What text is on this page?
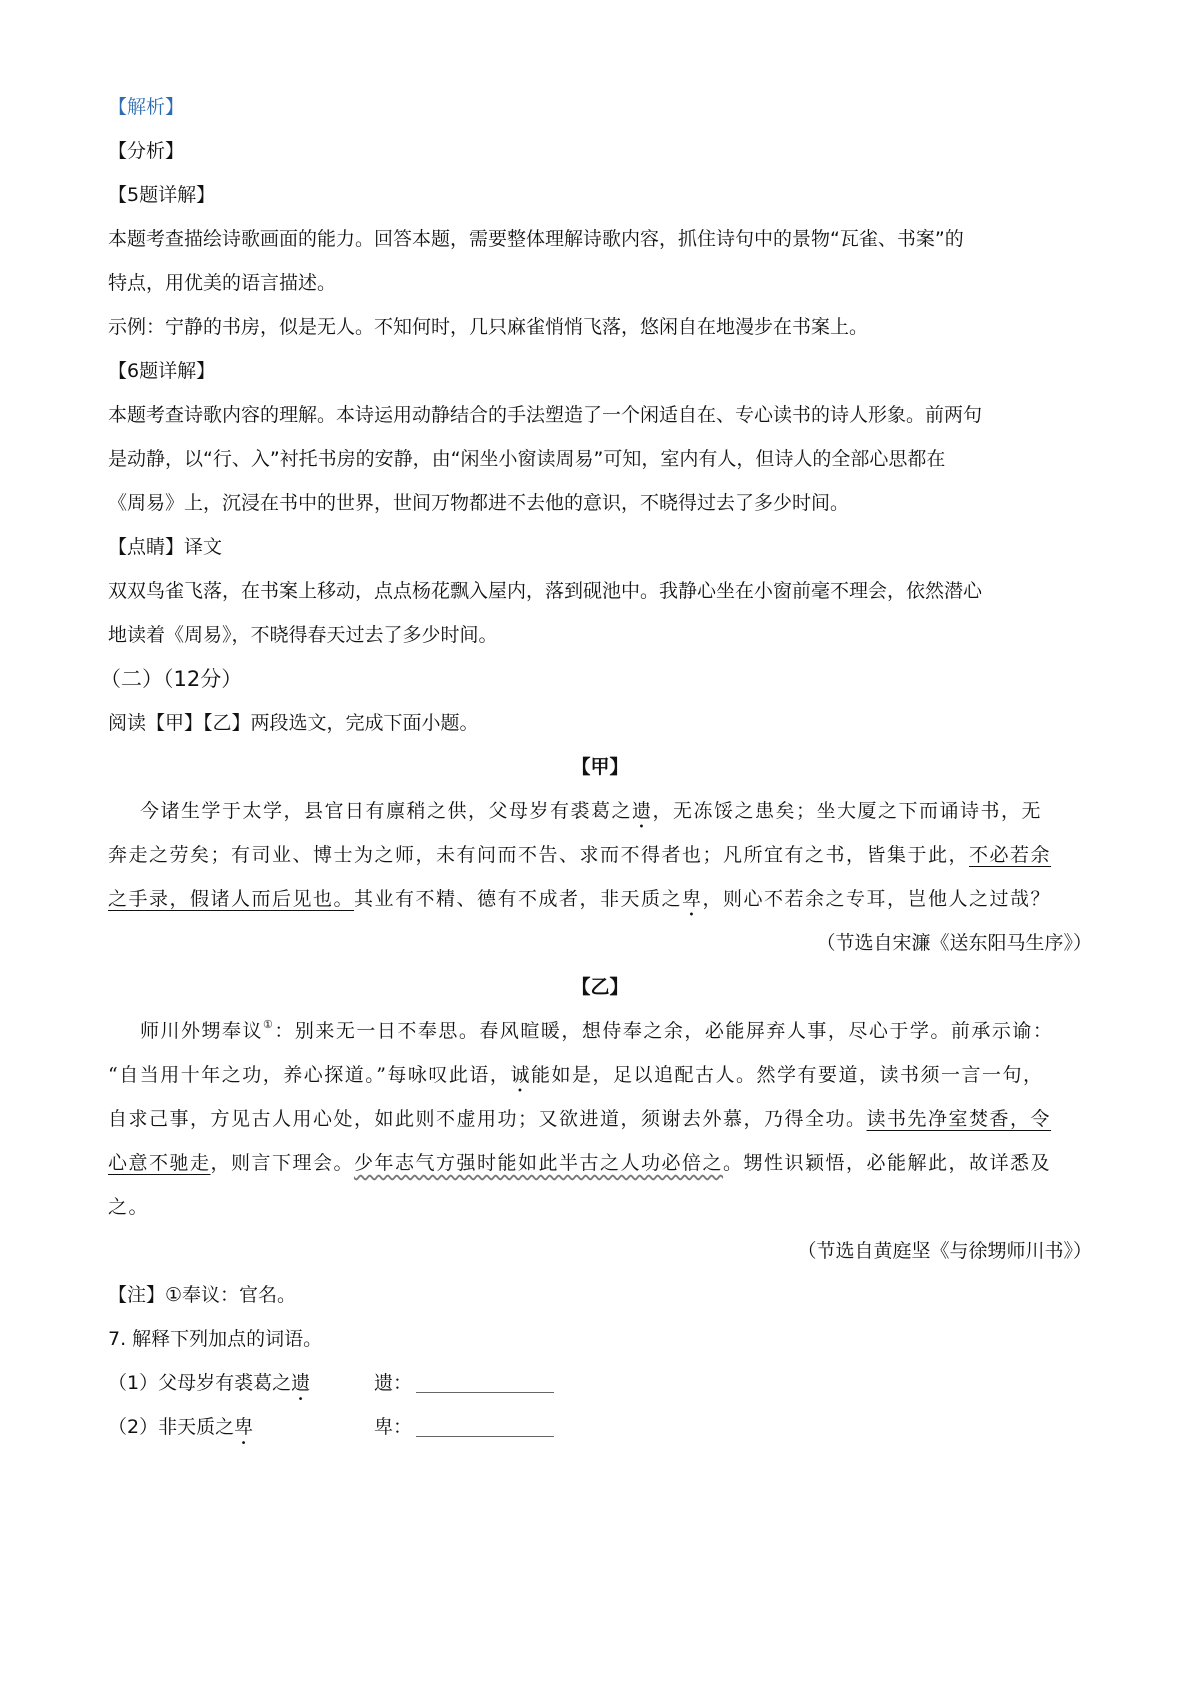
【解析】
【分析】
【5题详解】
本题考查描绘诗歌画面的能力。回答本题，需要整体理解诗歌内容，抓住诗句中的景物“瓦雀、书案”的
特点，用优美的语言描述。
示例：宁静的书房，似是无人。不知何时，几只麻雀悄悄飞落，悠闲自在地漫步在书案上。
【6题详解】
本题考查诗歌内容的理解。本诗运用动静结合的手法塑造了一个闲适自在、专心读书的诗人形象。前两句
是动静，以“行、入”衬托书房的安静，由“闲坐小窗读周易”可知，室内有人，但诗人的全部心思都在
《周易》上，沉浸在书中的世界，世间万物都进不去他的意识，不晓得过去了多少时间。
【点睛】译文
双双鸟雀飞落，在书案上移动，点点杨花飘入屋内，落到砚池中。我静心坐在小窗前毫不理会，依然潜心
地读着《周易》，不晓得春天过去了多少时间。
（二）（12分）
阅读【甲】【乙】两段选文，完成下面小题。
【甲】
今诸生学于太学，县官日有廪稍之供，父母岁有裘葛之遗，无冻馁之患矣；坐大厦之下而诵诗书，无
奔走之劳矣；有司业、博士为之师，未有问而不告、求而不得者也；凡所宜有之书，皆集于此，不必若余
之手录，假诸人而后见也。其业有不精、德有不成者，非天质之卑，则心不若余之专耳，岂他人之过哉？
（节选自宋濂《送东阳马生序》）
【乙】
师川外甥奉议①：别来无一日不奉思。春风暄暖，想侍奉之余，必能屏弃人事，尽心于学。前承示谕：
“自当用十年之功，养心探道。”每咏叹此语，诚能如是，足以追配古人。然学有要道，读书须一言一句，
自求己事，方见古人用心处，如此则不虚用功；又欲进道，须谢去外慕，乃得全功。读书先净室焚香，令
心意不驰走，则言下理会。少年志气方强时能如此半古之人功必倍之。甥性识颖悟，必能解此，故详悉及
之。
（节选自黄庭坚《与徐甥师川书》）
【注】①奉议：官名。
7. 解释下列加点的词语。
（1）父母岁有裘葛之遗	遗：
（2）非天质之卑	卑：
